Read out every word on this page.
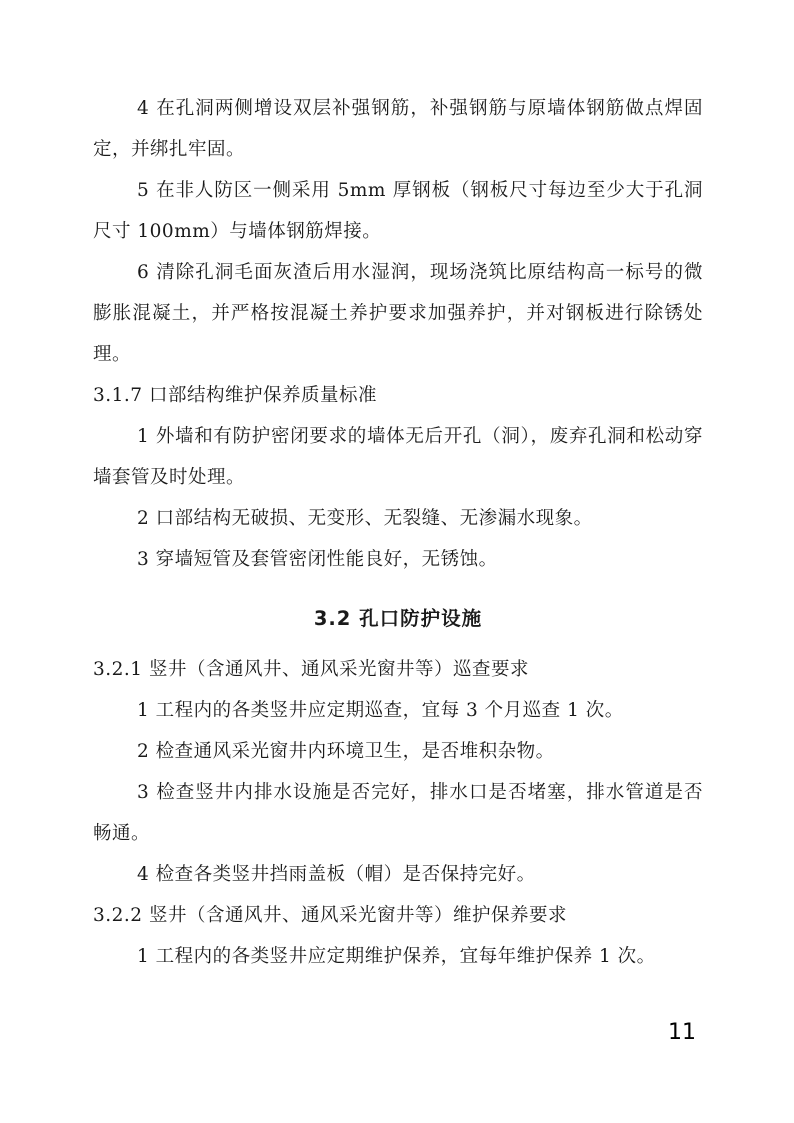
4 在孔洞两侧增设双层补强钢筋，补强钢筋与原墙体钢筋做点焊固定，并绑扎牢固。

5 在非人防区一侧采用 5mm 厚钢板（钢板尺寸每边至少大于孔洞尺寸 100mm）与墙体钢筋焊接。

6 清除孔洞毛面灰渣后用水湿润，现场浇筑比原结构高一标号的微膨胀混凝土，并严格按混凝土养护要求加强养护，并对钢板进行除锈处理。

3.1.7 口部结构维护保养质量标准

1 外墙和有防护密闭要求的墙体无后开孔（洞），废弃孔洞和松动穿墙套管及时处理。

2 口部结构无破损、无变形、无裂缝、无渗漏水现象。

3 穿墙短管及套管密闭性能良好，无锈蚀。

3.2 孔口防护设施

3.2.1 竖井（含通风井、通风采光窗井等）巡查要求

1 工程内的各类竖井应定期巡查，宜每 3 个月巡查 1 次。

2 检查通风采光窗井内环境卫生，是否堆积杂物。

3 检查竖井内排水设施是否完好，排水口是否堵塞，排水管道是否畅通。

4 检查各类竖井挡雨盖板（帽）是否保持完好。

3.2.2 竖井（含通风井、通风采光窗井等）维护保养要求

1 工程内的各类竖井应定期维护保养，宜每年维护保养 1 次。

11
